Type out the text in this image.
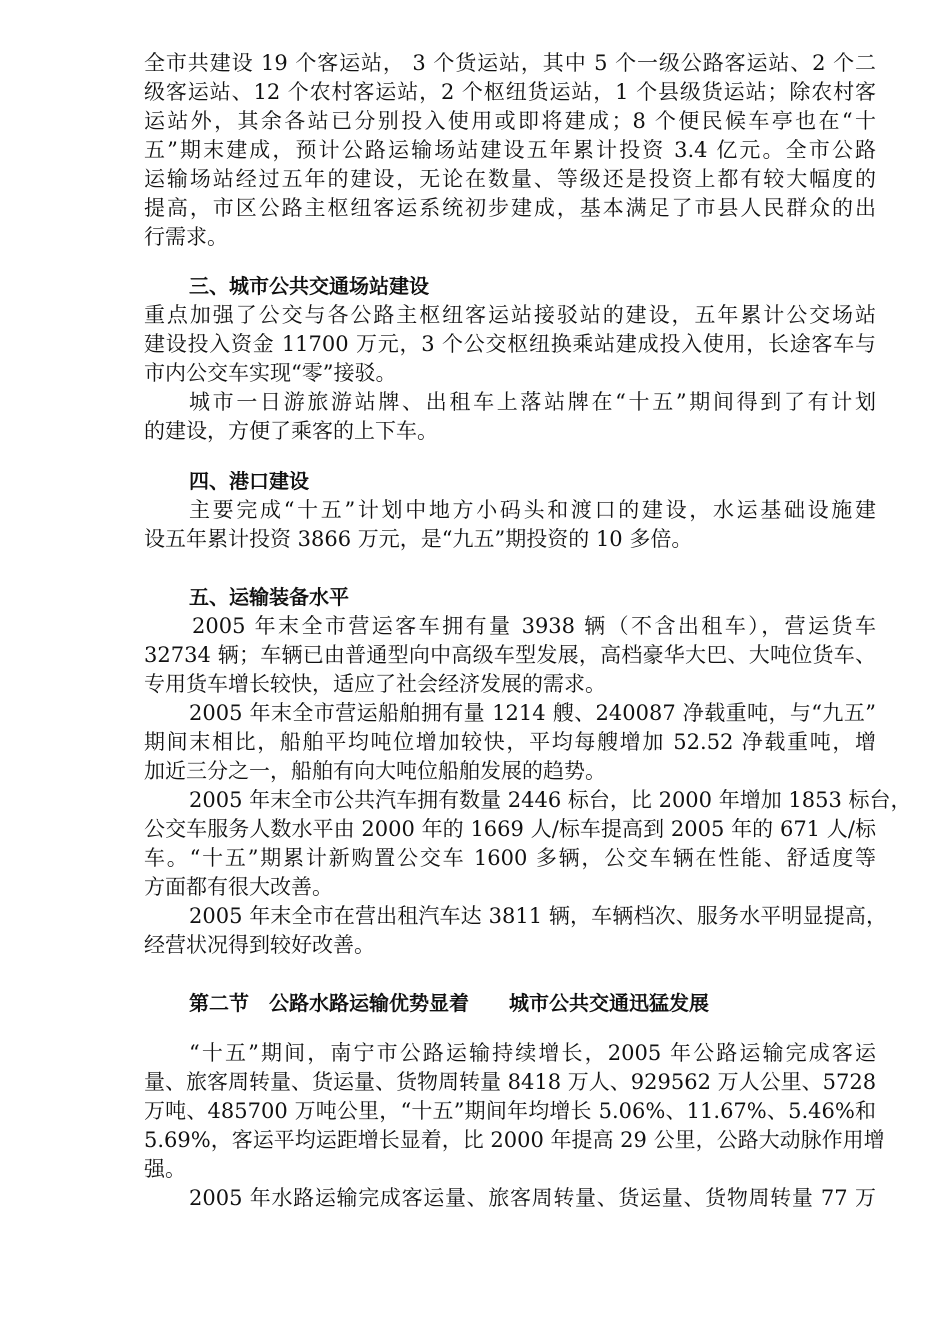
全市共建设 19 个客运站， 3 个货运站，其中 5 个一级公路客运站、2 个二
级客运站、12 个农村客运站，2 个枢纽货运站，1 个县级货运站；除农村客
运站外，其余各站已分别投入使用或即将建成；8 个便民候车亭也在“十
五”期末建成，预计公路运输场站建设五年累计投资 3.4 亿元。全市公路
运输场站经过五年的建设，无论在数量、等级还是投资上都有较大幅度的
提高，市区公路主枢纽客运系统初步建成，基本满足了市县人民群众的出
行需求。
三、城市公共交通场站建设
重点加强了公交与各公路主枢纽客运站接驳站的建设，五年累计公交场站
建设投入资金 11700 万元，3 个公交枢纽换乘站建成投入使用，长途客车与
市内公交车实现“零”接驳。
城市一日游旅游站牌、出租车上落站牌在“十五”期间得到了有计划
的建设，方便了乘客的上下车。
四、港口建设
主要完成“十五”计划中地方小码头和渡口的建设，水运基础设施建
设五年累计投资 3866 万元，是“九五”期投资的 10 多倍。
五、运输装备水平
2005 年末全市营运客车拥有量 3938 辆（不含出租车），营运货车
32734 辆；车辆已由普通型向中高级车型发展，高档豪华大巴、大吨位货车、
专用货车增长较快，适应了社会经济发展的需求。
2005 年末全市营运船舶拥有量 1214 艘、240087 净载重吨，与“九五”
期间末相比，船舶平均吨位增加较快，平均每艘增加 52.52 净载重吨，增
加近三分之一，船舶有向大吨位船舶发展的趋势。
2005 年末全市公共汽车拥有数量 2446 标台，比 2000 年增加 1853 标台，
公交车服务人数水平由 2000 年的 1669 人/标车提高到 2005 年的 671 人/标
车。“十五”期累计新购置公交车 1600 多辆，公交车辆在性能、舒适度等
方面都有很大改善。
2005 年末全市在营出租汽车达 3811 辆，车辆档次、服务水平明显提高，
经营状况得到较好改善。
第二节　公路水路运输优势显着　　城市公共交通迅猛发展
“十五”期间，南宁市公路运输持续增长，2005 年公路运输完成客运
量、旅客周转量、货运量、货物周转量 8418 万人、929562 万人公里、5728
万吨、485700 万吨公里，“十五”期间年均增长 5.06%、11.67%、5.46%和
5.69%，客运平均运距增长显着，比 2000 年提高 29 公里，公路大动脉作用增
强。
2005 年水路运输完成客运量、旅客周转量、货运量、货物周转量 77 万
